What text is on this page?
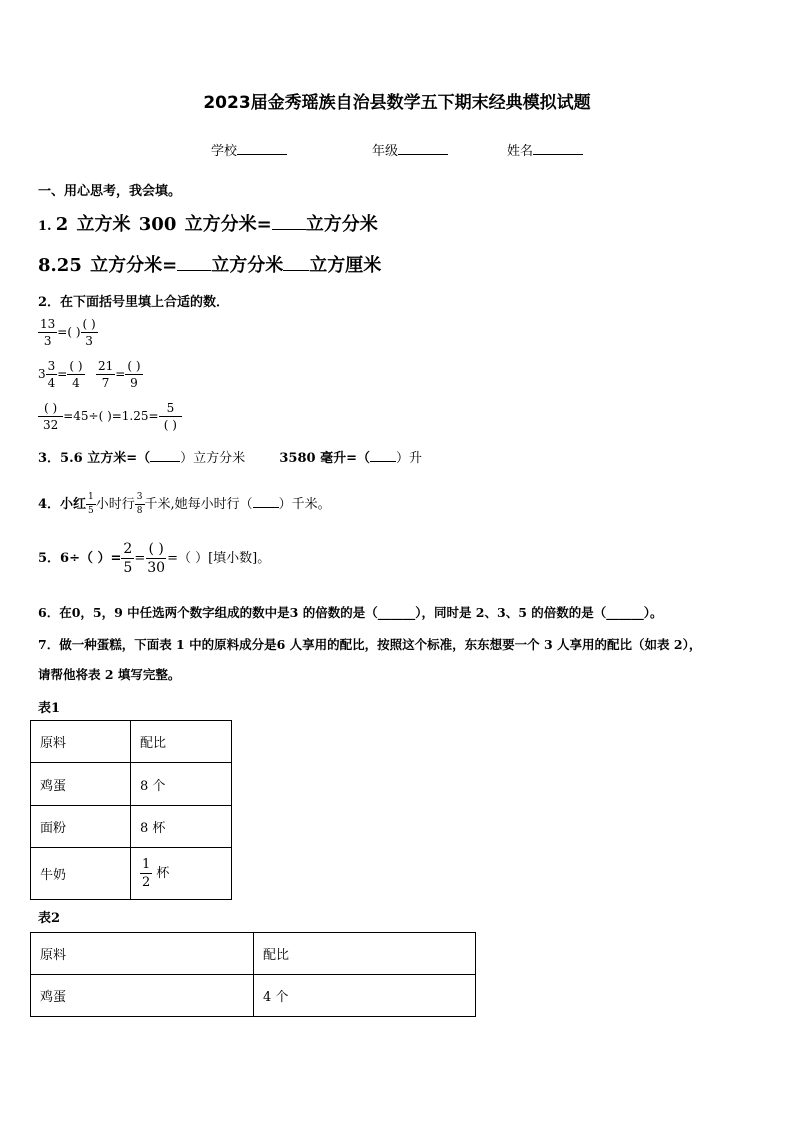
2023届金秀瑶族自治县数学五下期末经典模拟试题
学校	年级	姓名
一、用心思考，我会填。
1. 2 立方米 300 立方分米= 立方分米
8.25 立方分米= 立方分米 立方厘米
2．在下面括号里填上合适的数．
$\frac{13}{3}$ =( ) $\frac{( )}{3}$
$3 \frac{3}{4} = \frac{( )}{4}$
$\frac{21}{7} = \frac{( )}{9}$
$\frac{( )}{32} =45\div$( )$=1.25= \frac{5}{( )}$
3．5.6 立方米=（ ）立方分米	3580 毫升=（ ）升
4．小红 $\frac{1}{5}$ 小时行 $\frac{3}{8}$ 千米,她每小时行（ ）千米。
5．6÷（ ）= $\frac{2}{5} = \frac{( )}{30}$ =（ ）[填小数]。
6．在0，5，9 中任选两个数字组成的数中是3 的倍数的是（______），同时是 2、3、5 的倍数的是（______）。
7．做一种蛋糕，下面表 1 中的原料成分是6 人享用的配比，按照这个标准，东东想要一个 3 人享用的配比（如表 2），
请帮他将表 2 填写完整。
表1
原料	配比
鸡蛋	8 个
面粉	8 杯
牛奶	$\frac{1}{2}$ 杯
表2
原料	配比
鸡蛋	4 个
